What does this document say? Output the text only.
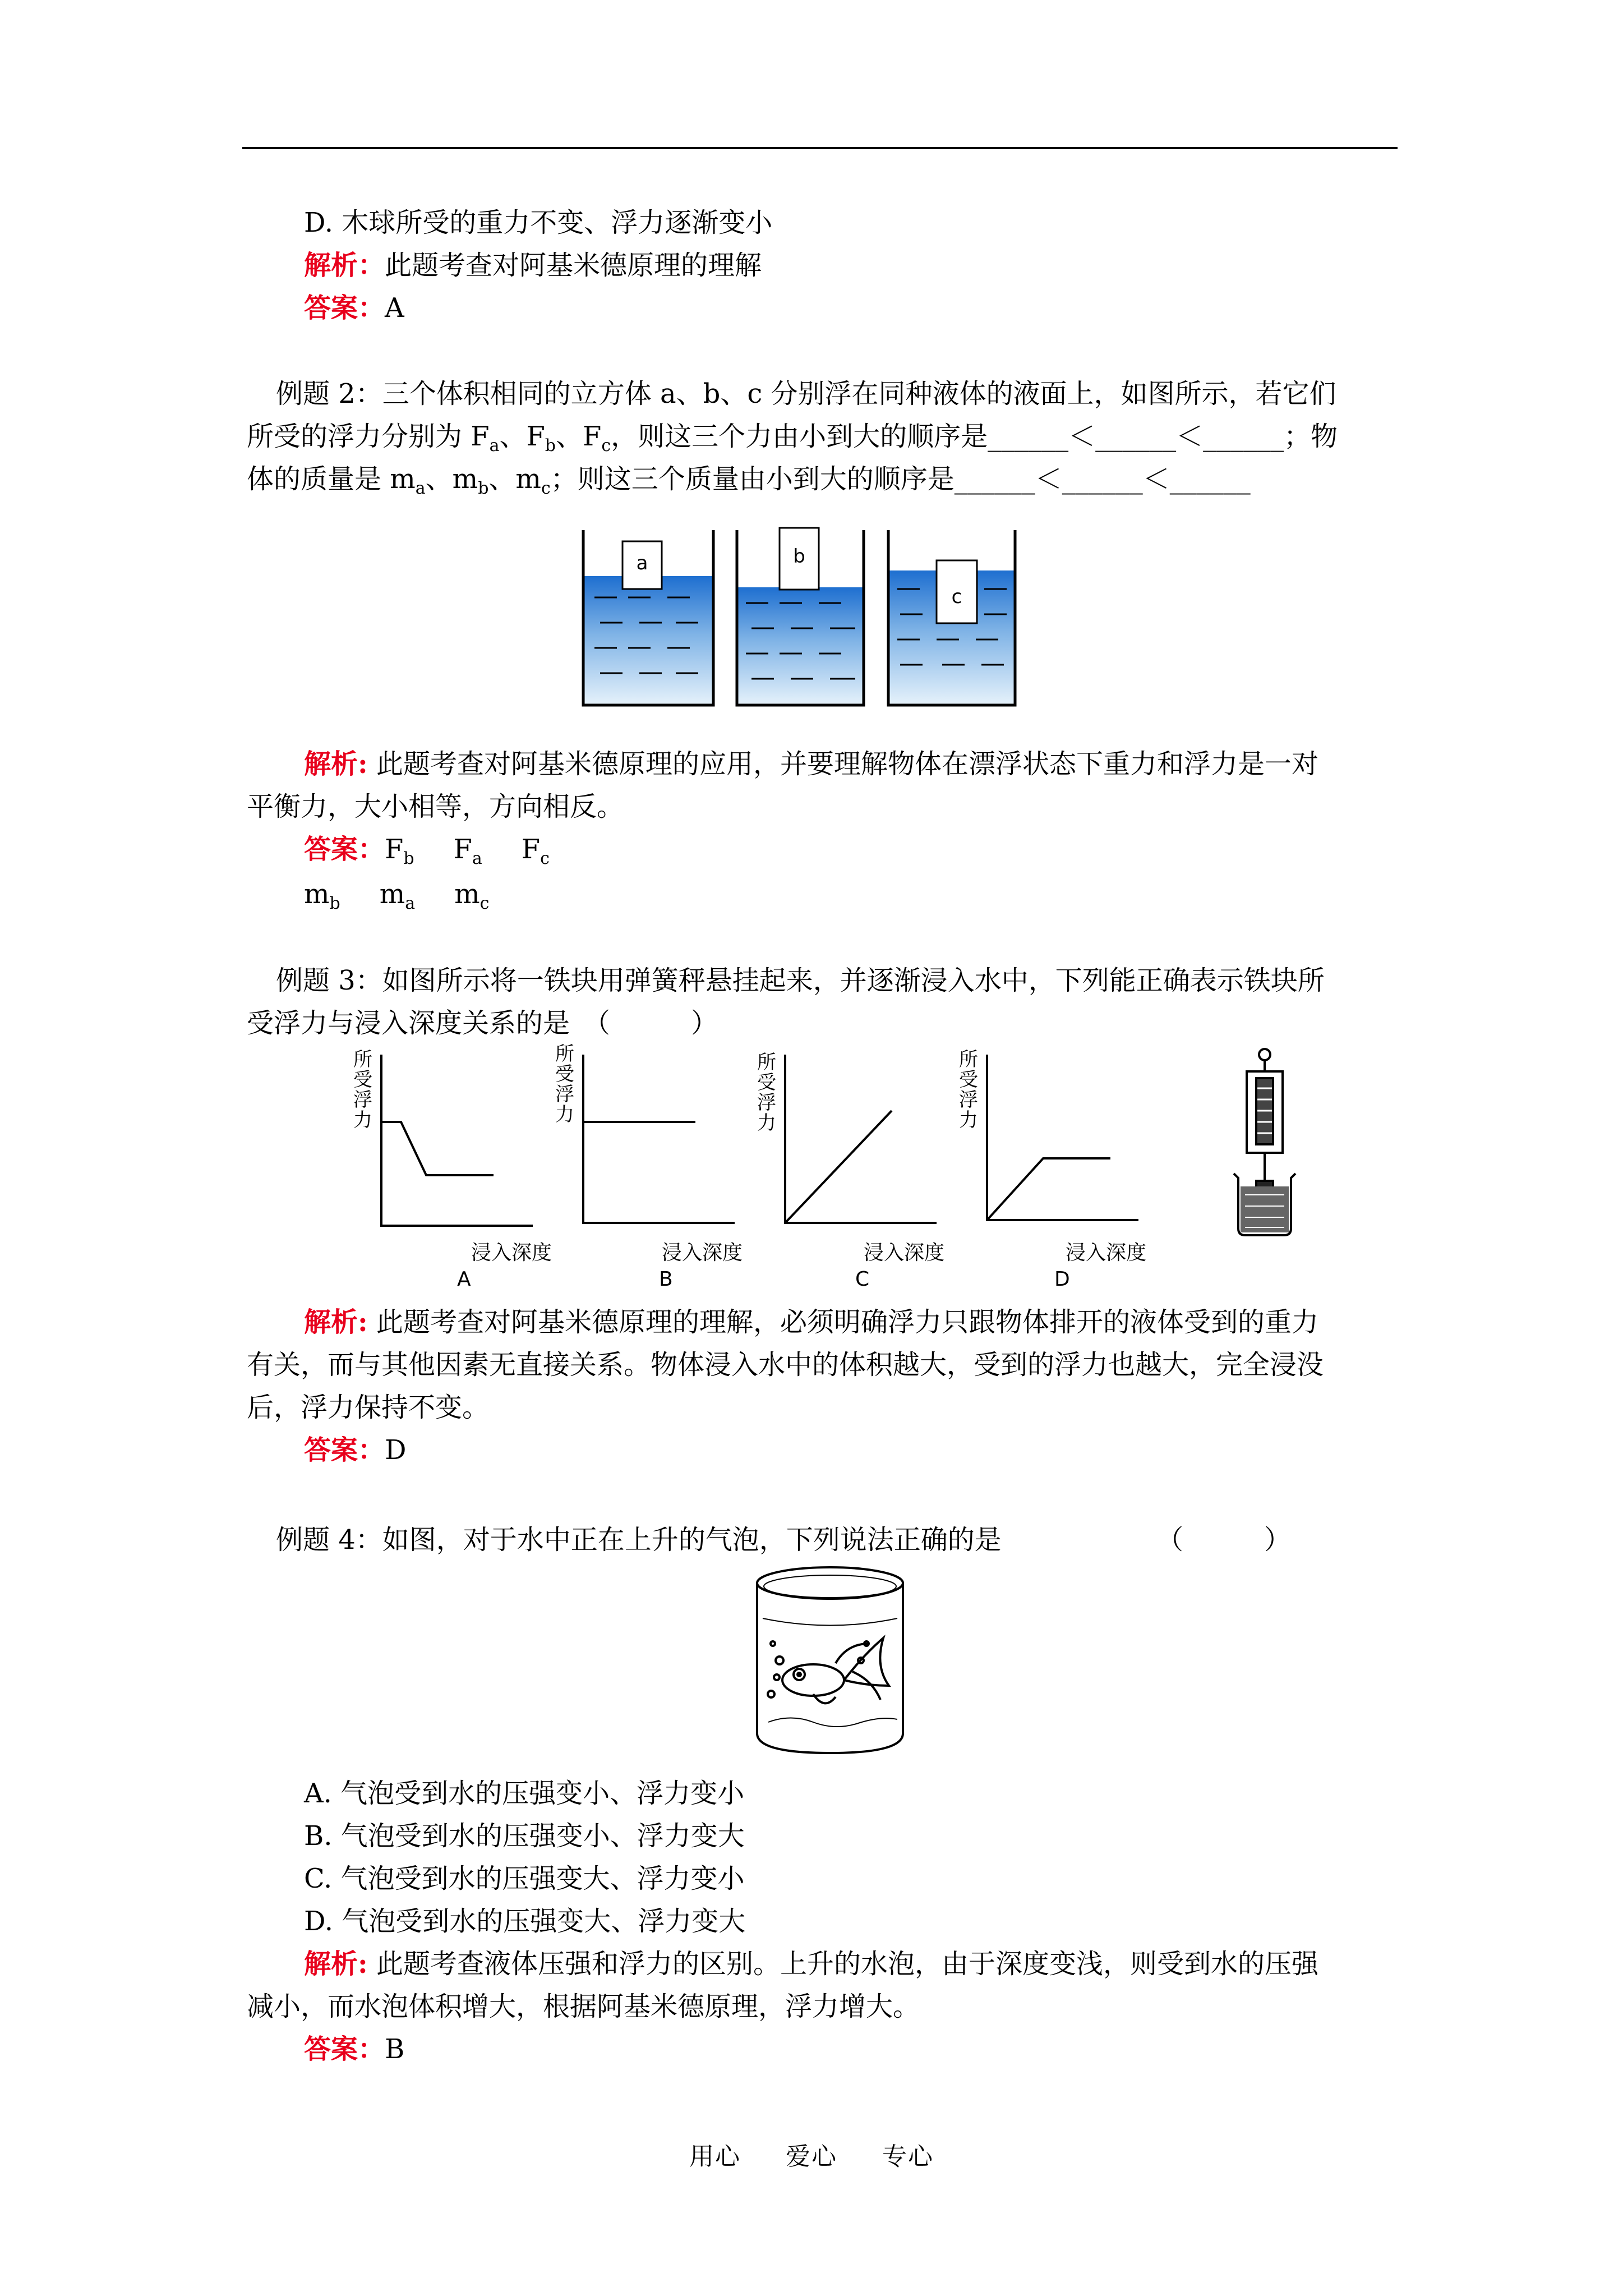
D. 木球所受的重力不变、浮力逐渐变小
解析：此题考查对阿基米德原理的理解
答案：A
例题 2：三个体积相同的立方体 a、b、c 分别浮在同种液体的液面上，如图所示，若它们
所受的浮力分别为 $F_a$、$F_b$、$F_c$，则这三个力由小到大的顺序是______＜______＜______；物
体的质量是 $m_a$、$m_b$、$m_c$；则这三个质量由小到大的顺序是______＜______＜______
a	b
c
解析: 此题考查对阿基米德原理的应用，并要理解物体在漂浮状态下重力和浮力是一对
平衡力，大小相等，方向相反。
答案：$F_b$ $F_a$ $F_c$
$m_b$ $m_a$ $m_c$
例题 3：如图所示将一铁块用弹簧秤悬挂起来，并逐渐浸入水中，下列能正确表示铁块所
受浮力与浸入深度关系的是　（　　　）
所受浮力
所受浮力
所受浮力
所受浮力
浸入深度	浸入深度	浸入深度	浸入深度
A	B	C	D
解析: 此题考查对阿基米德原理的理解，必须明确浮力只跟物体排开的液体受到的重力
有关，而与其他因素无直接关系。物体浸入水中的体积越大，受到的浮力也越大，完全浸没
后，浮力保持不变。
答案：D
例题 4：如图，对于水中正在上升的气泡，下列说法正确的是	（　　　）
A. 气泡受到水的压强变小、浮力变小
B. 气泡受到水的压强变小、浮力变大
C. 气泡受到水的压强变大、浮力变小
D. 气泡受到水的压强变大、浮力变大
解析: 此题考查液体压强和浮力的区别。上升的水泡，由于深度变浅，则受到水的压强
减小，而水泡体积增大，根据阿基米德原理，浮力增大。
答案：B
用心 爱心 专心
